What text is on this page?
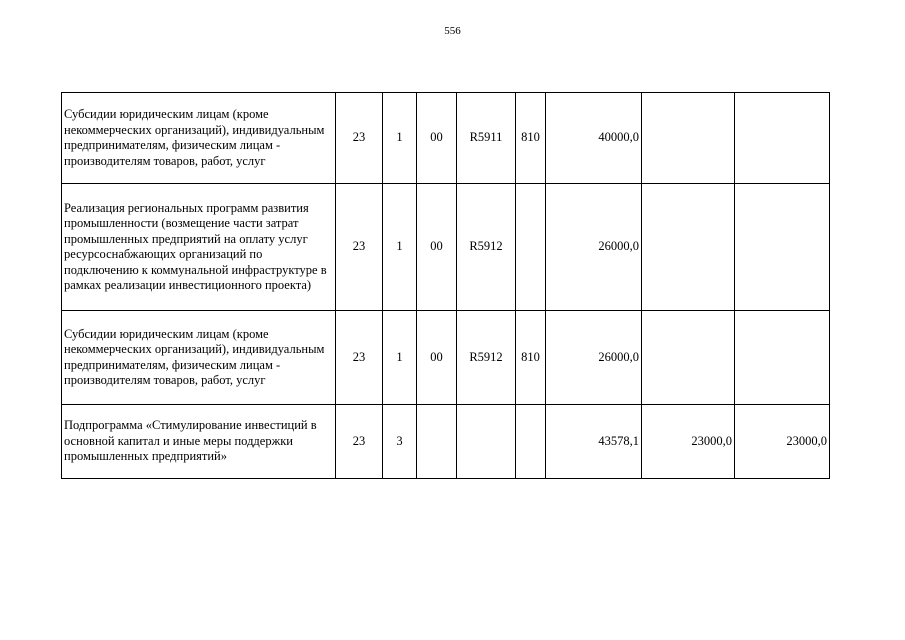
556
Субсидии юридическим лицам (кроме некоммерческих организаций), индивидуальным предпринимателям, физическим лицам - производителям товаров, работ, услуг	23	1	00	R5911	810	40000,0		
Реализация региональных программ развития промышленности (возмещение части затрат промышленных предприятий на оплату услуг ресурсоснабжающих организаций по подключению к коммунальной инфраструктуре в рамках реализации инвестиционного проекта)	23	1	00	R5912		26000,0		
Субсидии юридическим лицам (кроме некоммерческих организаций), индивидуальным предпринимателям, физическим лицам - производителям товаров, работ, услуг	23	1	00	R5912	810	26000,0		
Подпрограмма «Стимулирование инвестиций в основной капитал и иные меры поддержки промышленных предприятий»	23	3				43578,1	23000,0	23000,0
